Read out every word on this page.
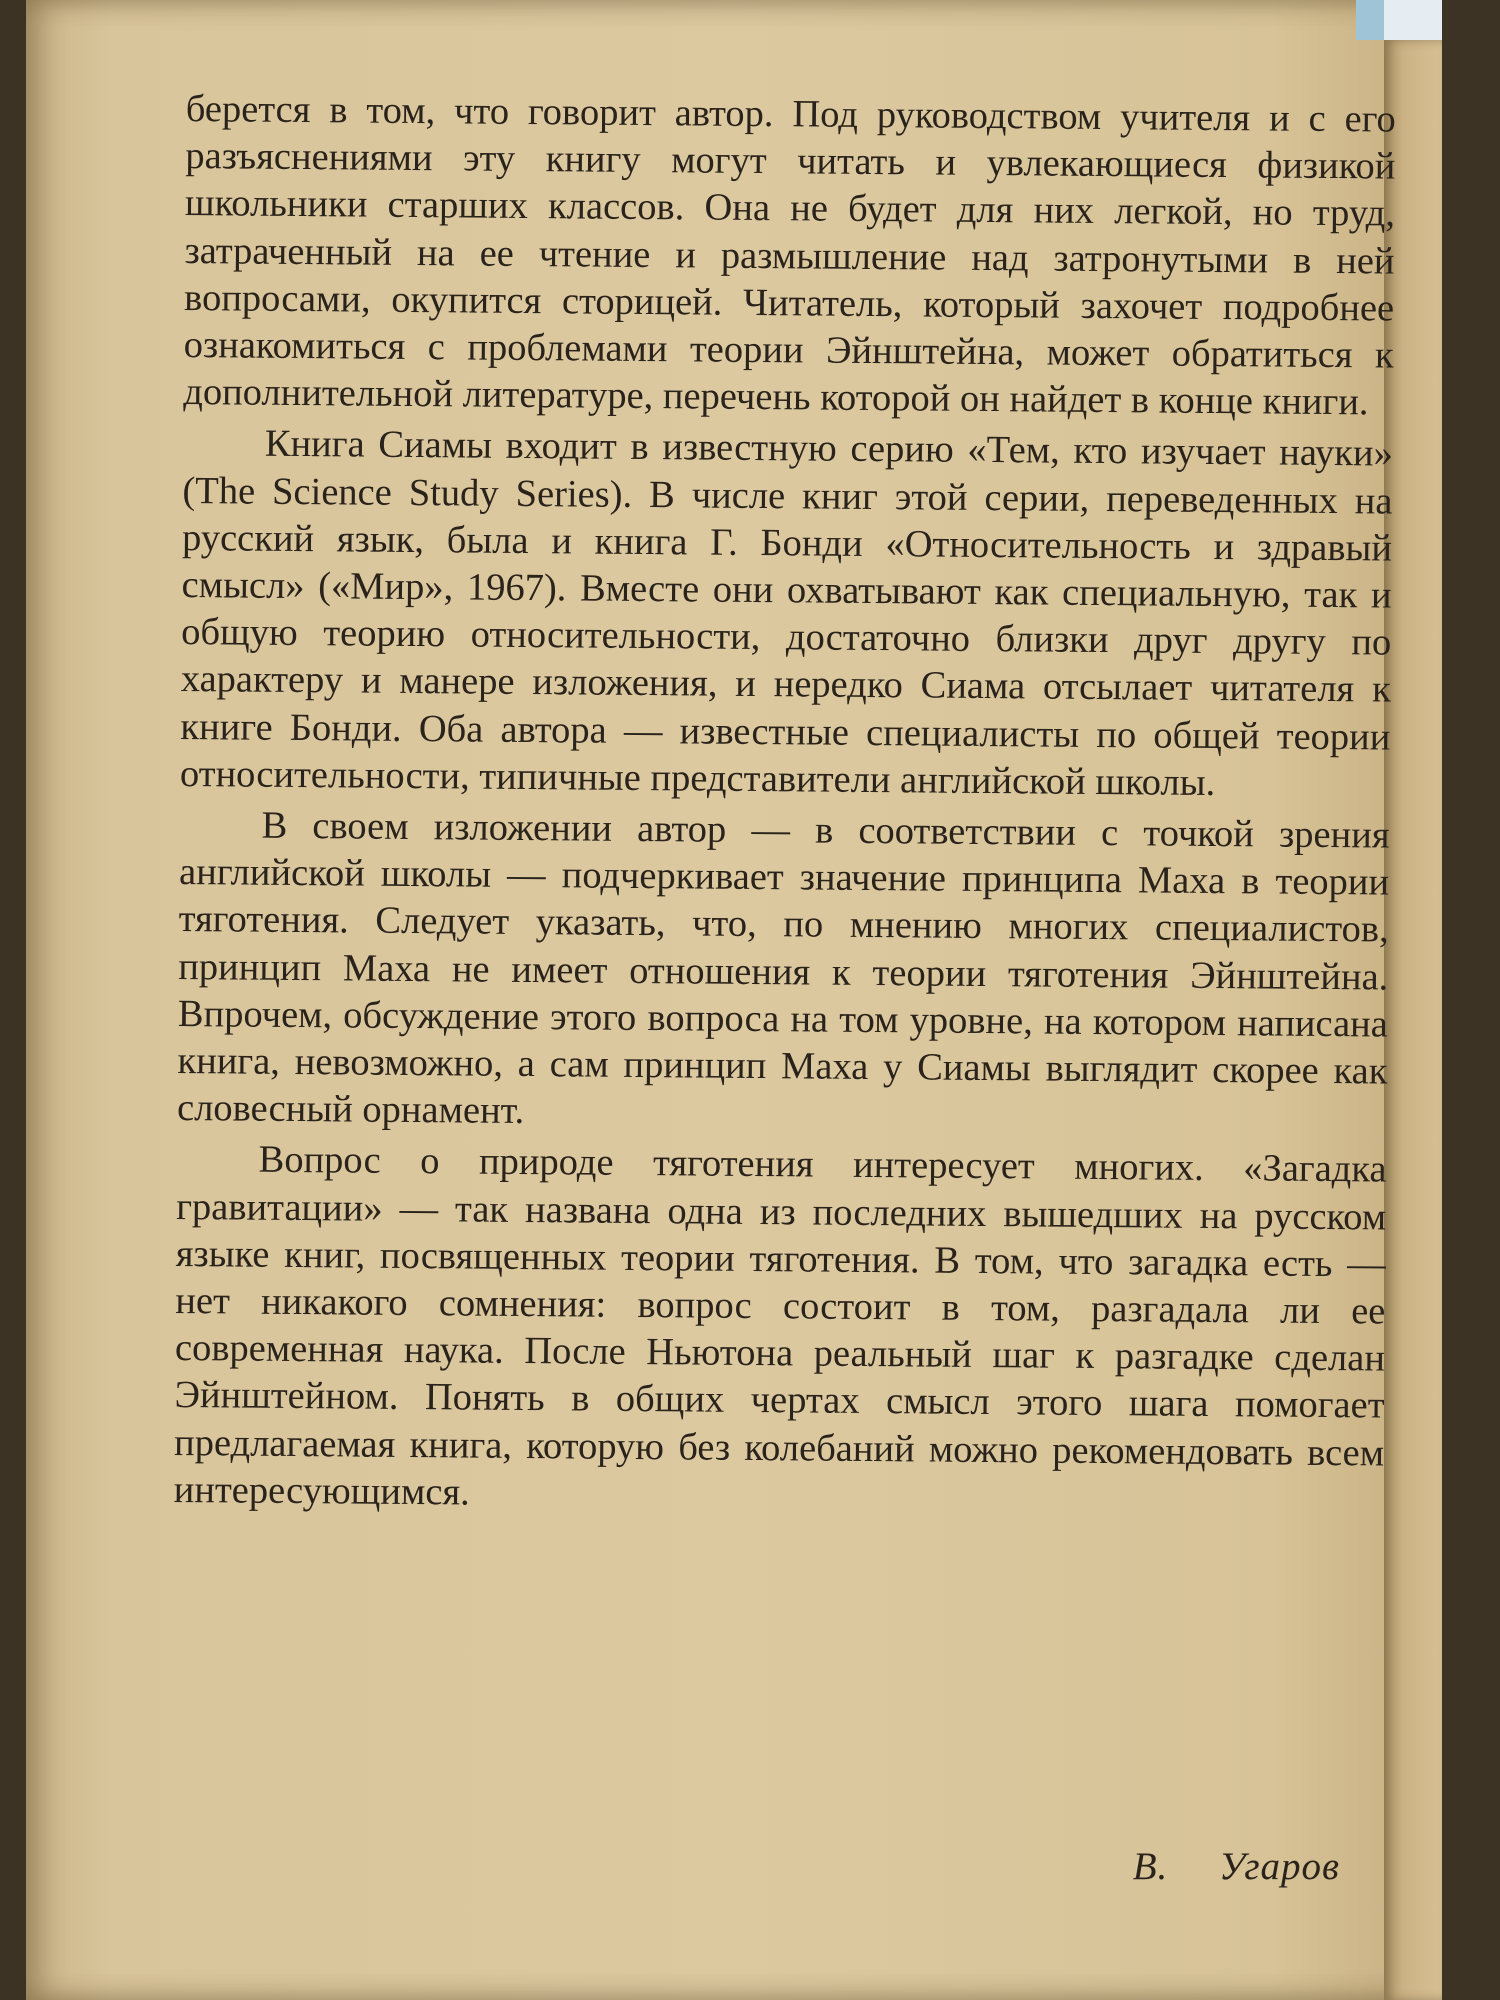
берется в том, что говорит автор. Под руководством учителя и с его разъяснениями эту книгу могут читать и увлекающиеся физикой школьники старших классов. Она не будет для них легкой, но труд, затраченный на ее чтение и размышление над затронутыми в ней вопросами, окупится сторицей. Читатель, который захочет подробнее ознакомиться с проблемами теории Эйнштейна, может обратиться к дополнительной литературе, перечень которой он найдет в конце книги.

Книга Сиамы входит в известную серию «Тем, кто изучает науки» (The Science Study Series). В числе книг этой серии, переведенных на русский язык, была и книга Г. Бонди «Относительность и здравый смысл» («Мир», 1967). Вместе они охватывают как специальную, так и общую теорию относительности, достаточно близки друг другу по характеру и манере изложения, и нередко Сиама отсылает читателя к книге Бонди. Оба автора — известные специалисты по общей теории относительности, типичные представители английской школы.

В своем изложении автор — в соответствии с точкой зрения английской школы — подчеркивает значение принципа Маха в теории тяготения. Следует указать, что, по мнению многих специалистов, принцип Маха не имеет отношения к теории тяготения Эйнштейна. Впрочем, обсуждение этого вопроса на том уровне, на котором написана книга, невозможно, а сам принцип Маха у Сиамы выглядит скорее как словесный орнамент.

Вопрос о природе тяготения интересует многих. «Загадка гравитации» — так названа одна из последних вышедших на русском языке книг, посвященных теории тяготения. В том, что загадка есть — нет никакого сомнения: вопрос состоит в том, разгадала ли ее современная наука. После Ньютона реальный шаг к разгадке сделан Эйнштейном. Понять в общих чертах смысл этого шага помогает предлагаемая книга, которую без колебаний можно рекомендовать всем интересующимся.

В. Угаров
